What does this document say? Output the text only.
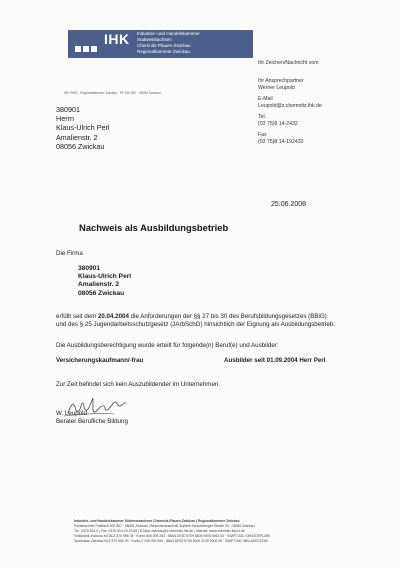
IHK Industrie- und Handelskammer
Südwestsachsen
Chemnitz-Plauen-Zwickau
Regionalkammer Zwickau
IHK SWS · Regionalkammer Zwickau · PF 200 867 · 08008 Zwickau
380901
Herrn
Klaus-Ulrich Perl
Amalienstr. 2
08056 Zwickau
Ihr Zeichen/Nachricht vom
Ihr Ansprechpartner
Werner Leupold
E-Mail
Leupold@z.chemnitz.ihk.de
Tel.
(03 75)8 14-2432
Fax
(03 75)8 14-192432
25.06.2008
Nachweis als Ausbildungsbetrieb
Die Firma
380901
Klaus-Ulrich Perl
Amalienstr. 2
08056 Zwickau
erfüllt seit dem 20.04.2004 die Anforderungen der §§ 27 bis 30 des Berufsbildungsgesetzes (BBiG)
und des § 25 Jugendarbeitsschutzgesetz (JArbSchG) hinsichtlich der Eignung als Ausbildungsbetrieb.
Die Ausbildungsberechtigung wurde erteilt für folgende(n) Beruf(e) und Ausbilder:
Versicherungskaufmann/-frau	Ausbilder seit 01.09.2004 Herr Perl
Zur Zeit befindet sich kein Auszubildender im Unternehmen.
W. Leupold
Berater Berufliche Bildung
Industrie- und Handelskammer Südwestsachsen Chemnitz-Plauen-Zwickau | Regionalkammer Zwickau
Postanschrift: Postfach 200 867 · 08008 Zwickau | Besucheranschrift: Äußere Schneeberger Straße 34 · 08056 Zwickau
Tel.: 0375 814-0 | Fax: 0375 814-19 23 65 | E-Mail: zwickau@z.chemnitz.ihk.de | Internet: www.chemnitz.ihk24.de
Volksbank Zwickau eG BLZ 870 956 04 · Konto 800 009 263 · IBAN DE30 8709 5604 0000 0092 63 · SWIFT-BIC GENODEF1ZWI
Sparkasse Zwickau BLZ 870 550 00 · Konto 2 245 000 006 · IBAN DE32 8705 5000 2245 0000 06 · SWIFT-BIC WELADED1ZWI
